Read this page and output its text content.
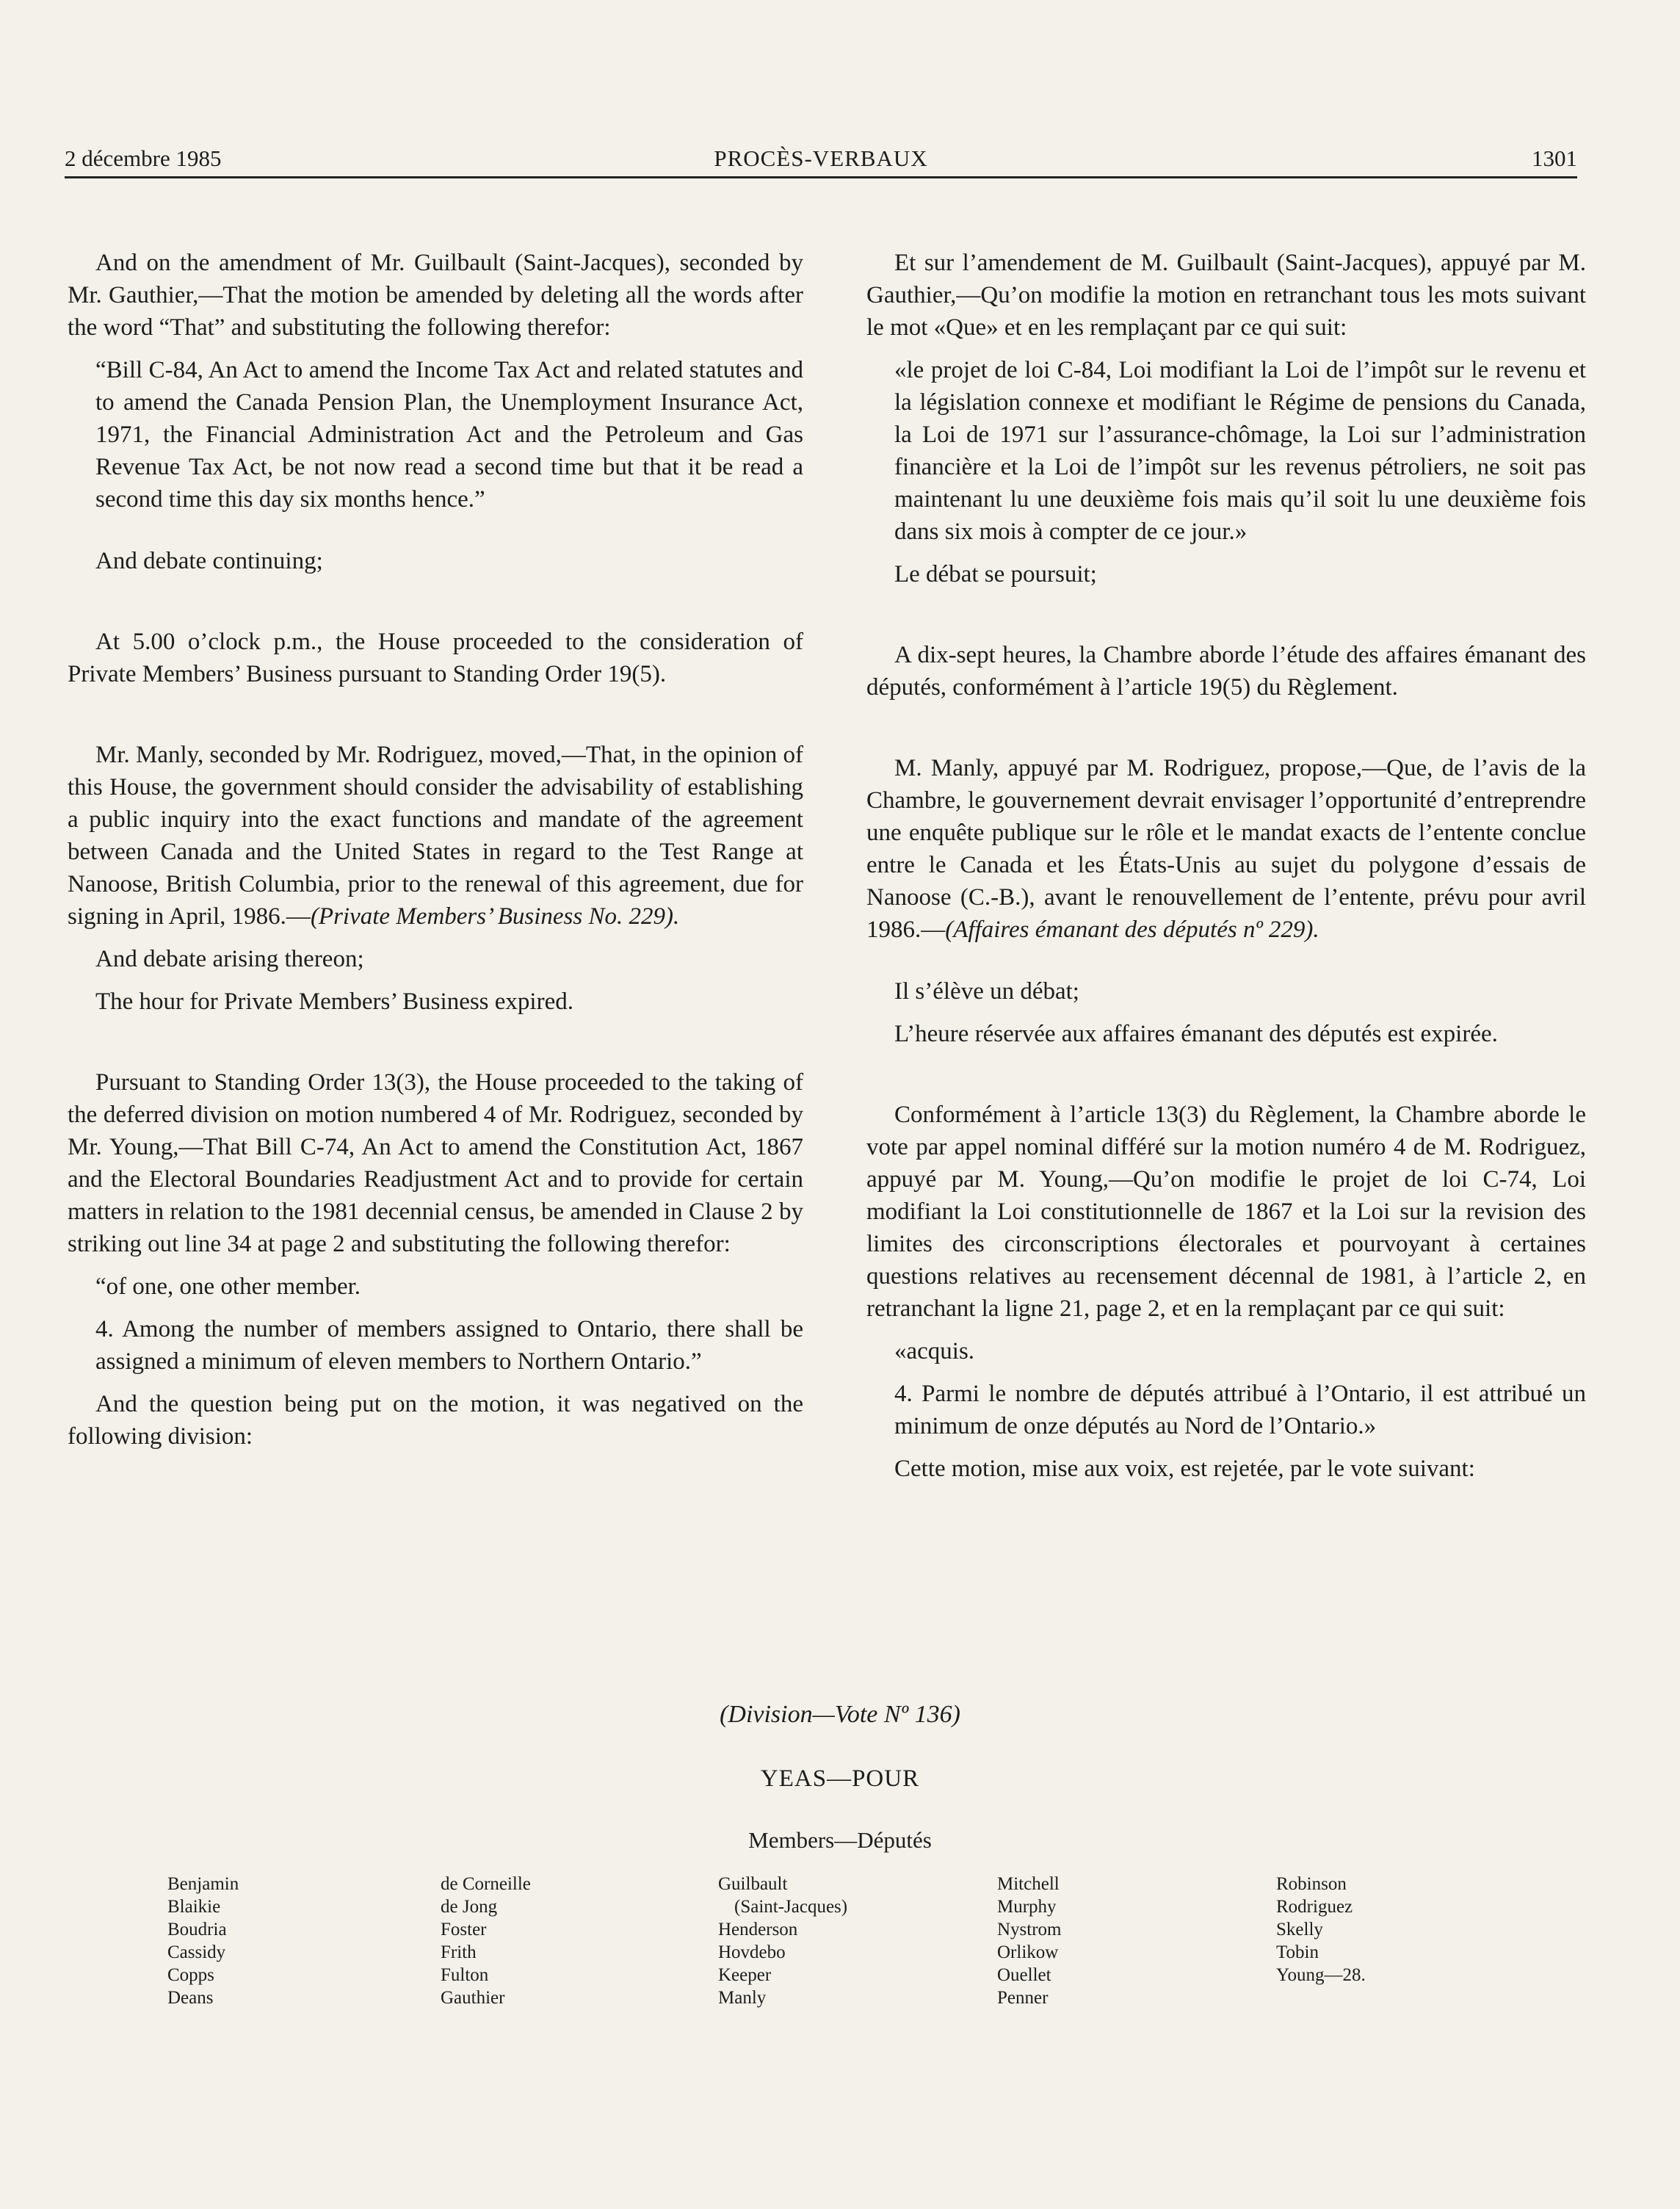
2 décembre 1985	PROCÈS-VERBAUX	1301

And on the amendment of Mr. Guilbault (Saint-Jacques), seconded by Mr. Gauthier,—That the motion be amended by deleting all the words after the word “That” and substituting the following therefor:

“Bill C-84, An Act to amend the Income Tax Act and related statutes and to amend the Canada Pension Plan, the Unemployment Insurance Act, 1971, the Financial Administration Act and the Petroleum and Gas Revenue Tax Act, be not now read a second time but that it be read a second time this day six months hence.”

And debate continuing;

At 5.00 o’clock p.m., the House proceeded to the consideration of Private Members’ Business pursuant to Standing Order 19(5).

Mr. Manly, seconded by Mr. Rodriguez, moved,—That, in the opinion of this House, the government should consider the advisability of establishing a public inquiry into the exact functions and mandate of the agreement between Canada and the United States in regard to the Test Range at Nanoose, British Columbia, prior to the renewal of this agreement, due for signing in April, 1986.—(Private Members’ Business No. 229).

And debate arising thereon;

The hour for Private Members’ Business expired.

Pursuant to Standing Order 13(3), the House proceeded to the taking of the deferred division on motion numbered 4 of Mr. Rodriguez, seconded by Mr. Young,—That Bill C-74, An Act to amend the Constitution Act, 1867 and the Electoral Boundaries Readjustment Act and to provide for certain matters in relation to the 1981 decennial census, be amended in Clause 2 by striking out line 34 at page 2 and substituting the following therefor:

“of one, one other member.

4. Among the number of members assigned to Ontario, there shall be assigned a minimum of eleven members to Northern Ontario.”

And the question being put on the motion, it was negatived on the following division:

Et sur l’amendement de M. Guilbault (Saint-Jacques), appuyé par M. Gauthier,—Qu’on modifie la motion en retranchant tous les mots suivant le mot «Que» et en les remplaçant par ce qui suit:

«le projet de loi C-84, Loi modifiant la Loi de l’impôt sur le revenu et la législation connexe et modifiant le Régime de pensions du Canada, la Loi de 1971 sur l’assurance-chômage, la Loi sur l’administration financière et la Loi de l’impôt sur les revenus pétroliers, ne soit pas maintenant lu une deuxième fois mais qu’il soit lu une deuxième fois dans six mois à compter de ce jour.»

Le débat se poursuit;

A dix-sept heures, la Chambre aborde l’étude des affaires émanant des députés, conformément à l’article 19(5) du Règlement.

M. Manly, appuyé par M. Rodriguez, propose,—Que, de l’avis de la Chambre, le gouvernement devrait envisager l’opportunité d’entreprendre une enquête publique sur le rôle et le mandat exacts de l’entente conclue entre le Canada et les États-Unis au sujet du polygone d’essais de Nanoose (C.-B.), avant le renouvellement de l’entente, prévu pour avril 1986.—(Affaires émanant des députés nº 229).

Il s’élève un débat;

L’heure réservée aux affaires émanant des députés est expirée.

Conformément à l’article 13(3) du Règlement, la Chambre aborde le vote par appel nominal différé sur la motion numéro 4 de M. Rodriguez, appuyé par M. Young,—Qu’on modifie le projet de loi C-74, Loi modifiant la Loi constitutionnelle de 1867 et la Loi sur la revision des limites des circonscriptions électorales et pourvoyant à certaines questions relatives au recensement décennal de 1981, à l’article 2, en retranchant la ligne 21, page 2, et en la remplaçant par ce qui suit:

«acquis.

4. Parmi le nombre de députés attribué à l’Ontario, il est attribué un minimum de onze députés au Nord de l’Ontario.»

Cette motion, mise aux voix, est rejetée, par le vote suivant:

(Division—Vote Nº 136)
YEAS—POUR
Members—Députés
Benjamin
Blaikie
Boudria
Cassidy
Copps
Deans
de Corneille
de Jong
Foster
Frith
Fulton
Gauthier
Guilbault
(Saint-Jacques)
Henderson
Hovdebo
Keeper
Manly
Mitchell
Murphy
Nystrom
Orlikow
Ouellet
Penner
Robinson
Rodriguez
Skelly
Tobin
Young—28.
